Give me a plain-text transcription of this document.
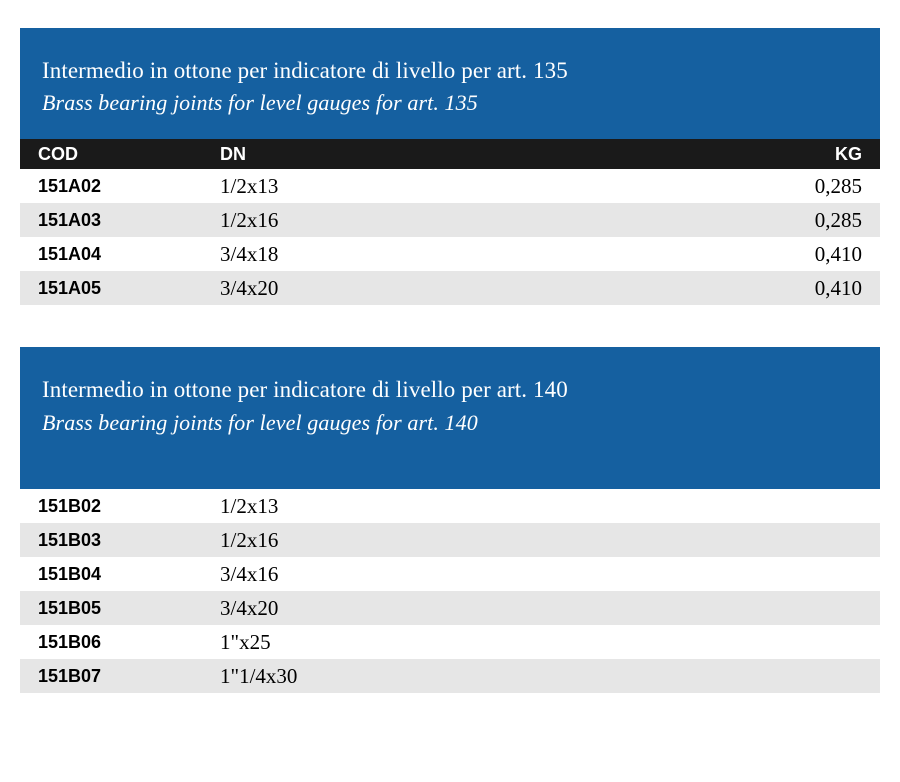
Intermedio in ottone per indicatore di livello per art. 135
Brass bearing joints for level gauges for art. 135
COD	DN	KG
151A02	1/2x13	0,285
151A03	1/2x16	0,285
151A04	3/4x18	0,410
151A05	3/4x20	0,410
Intermedio in ottone per indicatore di livello per art. 140
Brass bearing joints for level gauges for art. 140
151B02	1/2x13	
151B03	1/2x16	
151B04	3/4x16	
151B05	3/4x20	
151B06	1"x25	
151B07	1"1/4x30	
